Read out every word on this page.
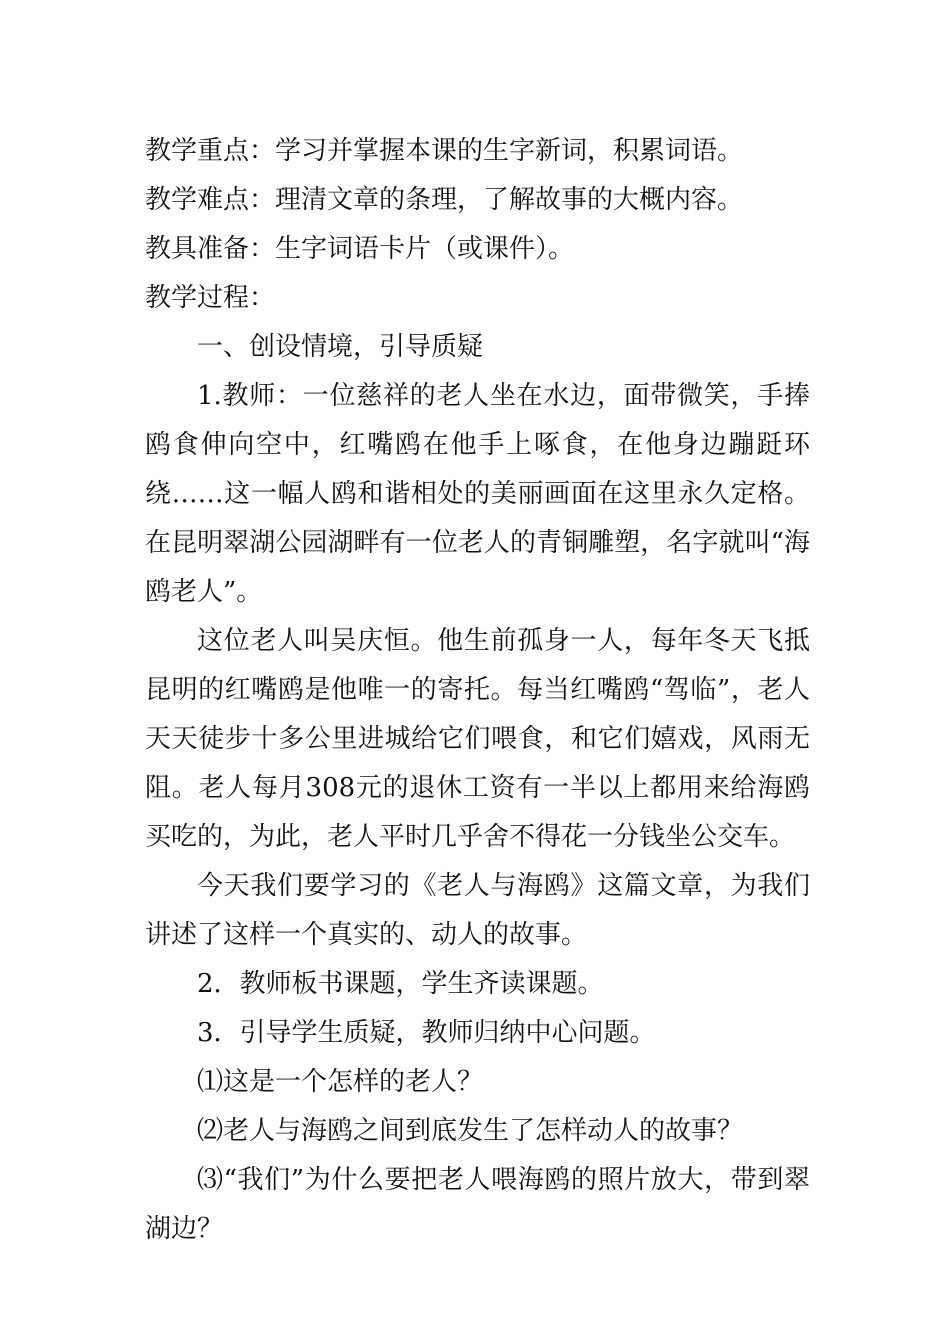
教学重点：学习并掌握本课的生字新词，积累词语。

教学难点：理清文章的条理，了解故事的大概内容。

教具准备：生字词语卡片（或课件）。

教学过程：

一、创设情境，引导质疑

1.教师：一位慈祥的老人坐在水边，面带微笑，手捧鸥食伸向空中，红嘴鸥在他手上啄食，在他身边蹦跹环绕……这一幅人鸥和谐相处的美丽画面在这里永久定格。在昆明翠湖公园湖畔有一位老人的青铜雕塑，名字就叫“海鸥老人”。

这位老人叫吴庆恒。他生前孤身一人，每年冬天飞抵昆明的红嘴鸥是他唯一的寄托。每当红嘴鸥“驾临”，老人天天徒步十多公里进城给它们喂食，和它们嬉戏，风雨无阻。老人每月308元的退休工资有一半以上都用来给海鸥买吃的，为此，老人平时几乎舍不得花一分钱坐公交车。

今天我们要学习的《老人与海鸥》这篇文章，为我们讲述了这样一个真实的、动人的故事。

2．教师板书课题，学生齐读课题。

3．引导学生质疑，教师归纳中心问题。

⑴这是一个怎样的老人？

⑵老人与海鸥之间到底发生了怎样动人的故事？

⑶“我们”为什么要把老人喂海鸥的照片放大，带到翠湖边？
